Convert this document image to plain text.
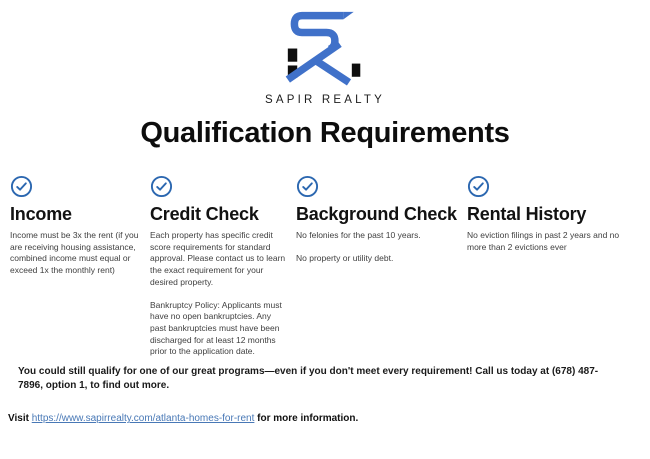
SAPIR REALTY
Qualification Requirements
Income

Income must be 3x the rent (if you are receiving housing assistance, combined income must equal or exceed 1x the monthly rent)

Credit Check

Each property has specific credit score requirements for standard approval. Please contact us to learn the exact requirement for your desired property.

Bankruptcy Policy: Applicants must have no open bankruptcies. Any past bankruptcies must have been discharged for at least 12 months prior to the application date.

Background Check

No felonies for the past 10 years.

No property or utility debt.

Rental History

No eviction filings in past 2 years and no more than 2 evictions ever

You could still qualify for one of our great programs—even if you don't meet every requirement! Call us today at (678) 487-7896, option 1, to find out more.

Visit https://www.sapirrealty.com/atlanta-homes-for-rent for more information.
